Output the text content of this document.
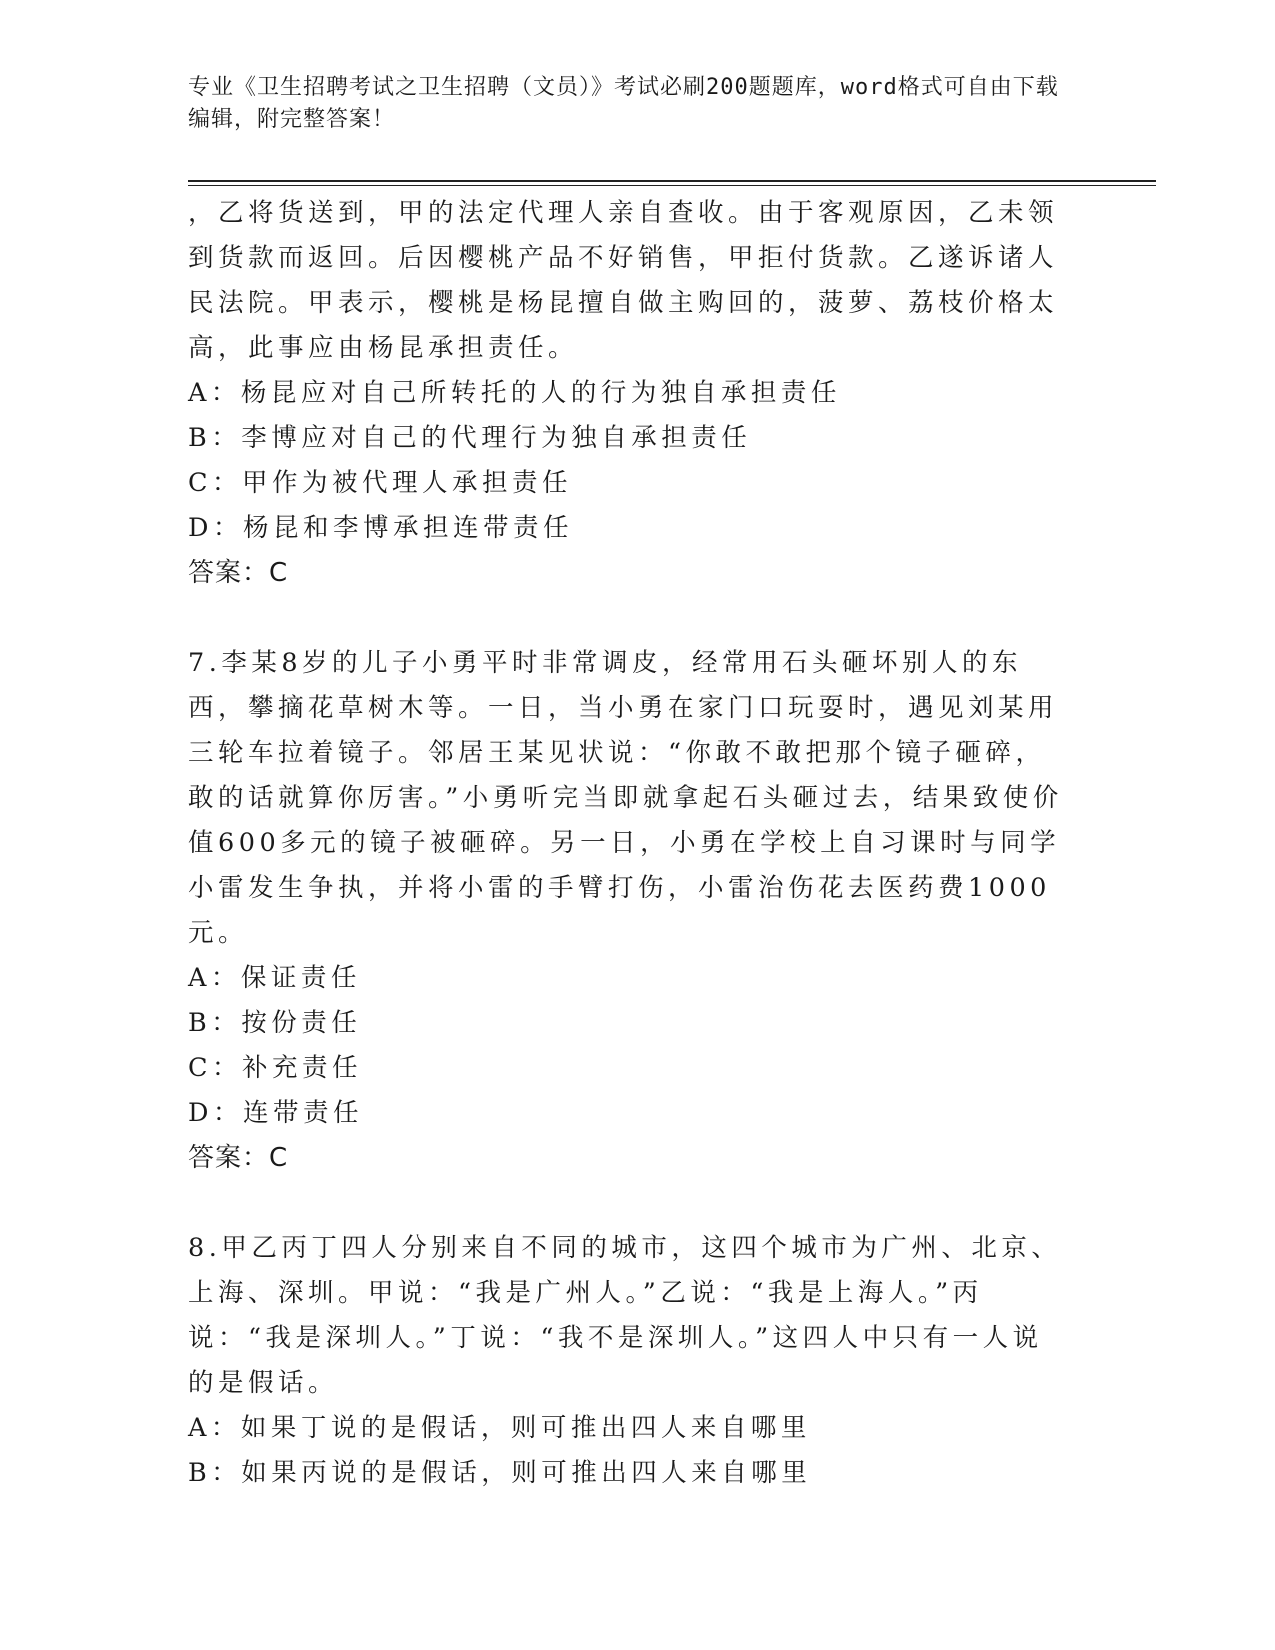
专业《卫生招聘考试之卫生招聘（文员）》考试必刷200题题库，word格式可自由下载编辑，附完整答案！

，乙将货送到，甲的法定代理人亲自查收。由于客观原因，乙未领到货款而返回。后因樱桃产品不好销售，甲拒付货款。乙遂诉诸人民法院。甲表示，樱桃是杨昆擅自做主购回的，菠萝、荔枝价格太高，此事应由杨昆承担责任。

A：杨昆应对自己所转托的人的行为独自承担责任

B：李博应对自己的代理行为独自承担责任

C：甲作为被代理人承担责任

D：杨昆和李博承担连带责任

答案：C

7.李某8岁的儿子小勇平时非常调皮，经常用石头砸坏别人的东西，攀摘花草树木等。一日，当小勇在家门口玩耍时，遇见刘某用三轮车拉着镜子。邻居王某见状说：“你敢不敢把那个镜子砸碎，敢的话就算你厉害。”小勇听完当即就拿起石头砸过去，结果致使价值600多元的镜子被砸碎。另一日，小勇在学校上自习课时与同学小雷发生争执，并将小雷的手臂打伤，小雷治伤花去医药费1000元。

A：保证责任

B：按份责任

C：补充责任

D：连带责任

答案：C

8.甲乙丙丁四人分别来自不同的城市，这四个城市为广州、北京、上海、深圳。甲说：“我是广州人。”乙说：“我是上海人。”丙说：“我是深圳人。”丁说：“我不是深圳人。”这四人中只有一人说的是假话。

A：如果丁说的是假话，则可推出四人来自哪里

B：如果丙说的是假话，则可推出四人来自哪里
